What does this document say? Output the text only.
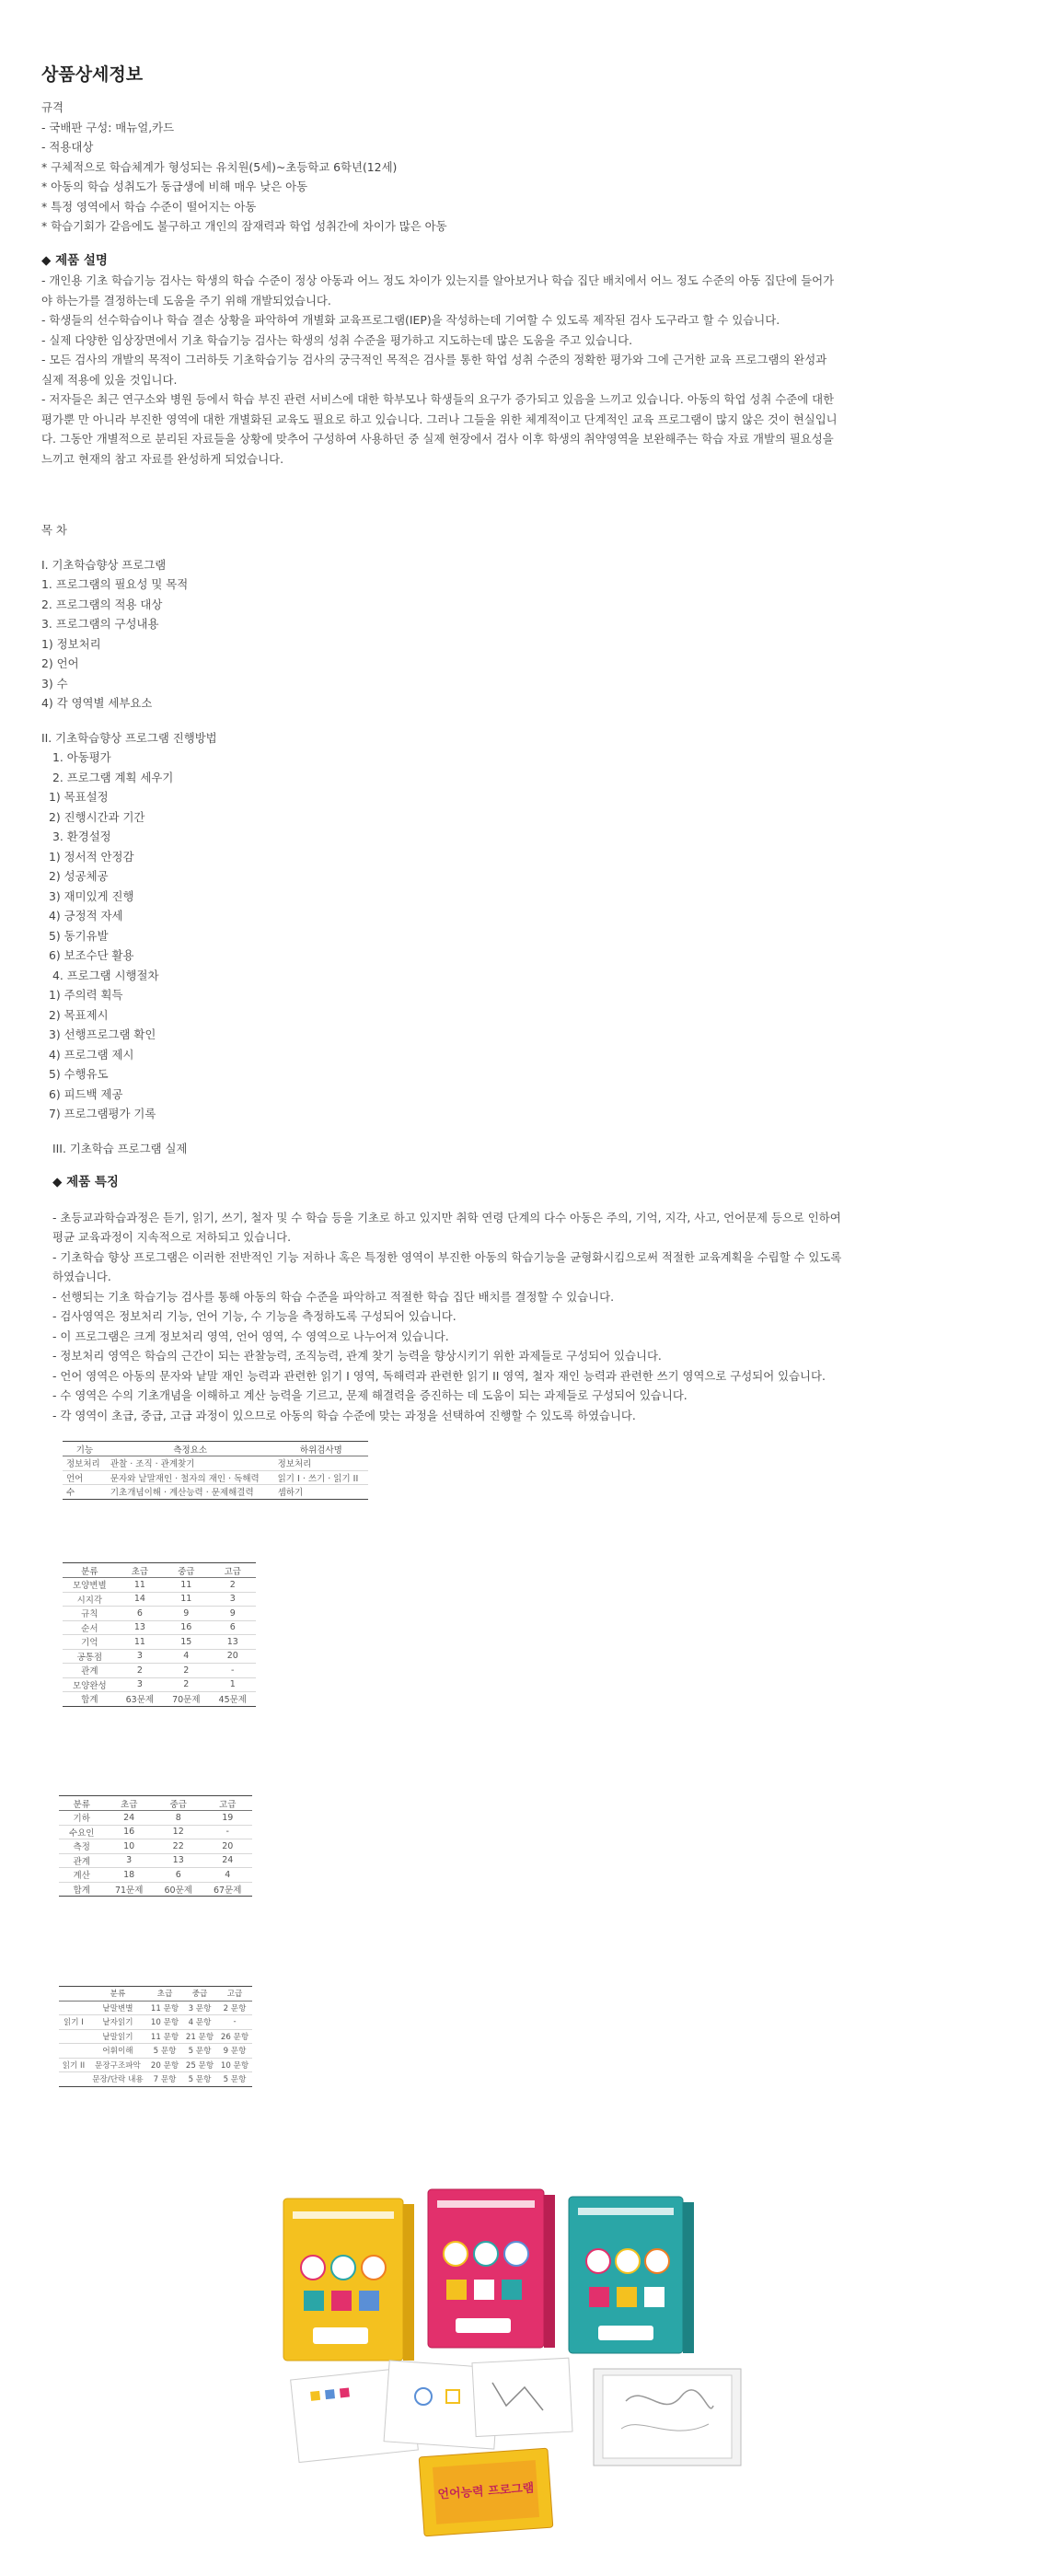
상품상세정보
규격
- 국배판 구성: 매뉴얼,카드
- 적용대상
* 구체적으로 학습체계가 형성되는 유치원(5세)~초등학교 6학년(12세)
* 아동의 학습 성취도가 동급생에 비해 매우 낮은 아동
* 특정 영역에서 학습 수준이 떨어지는 아동
* 학습기회가 같음에도 불구하고 개인의 잠재력과 학업 성취간에 차이가 많은 아동
◆ 제품 설명
- 개인용 기초 학습기능 검사는 학생의 학습 수준이 정상 아동과 어느 정도 차이가 있는지를 알아보거나 학습 집단 배치에서 어느 정도 수준의 아동 집단에 들어가
야 하는가를 결정하는데 도움을 주기 위해 개발되었습니다.
- 학생들의 선수학습이나 학습 결손 상황을 파악하여 개별화 교육프로그램(IEP)을 작성하는데 기여할 수 있도록 제작된 검사 도구라고 할 수 있습니다.
- 실제 다양한 임상장면에서 기초 학습기능 검사는 학생의 성취 수준을 평가하고 지도하는데 많은 도움을 주고 있습니다.
- 모든 검사의 개발의 목적이 그러하듯 기초학습기능 검사의 궁극적인 목적은 검사를 통한 학업 성취 수준의 정확한 평가와 그에 근거한 교육 프로그램의 완성과
실제 적용에 있을 것입니다.
- 저자들은 최근 연구소와 병원 등에서 학습 부진 관련 서비스에 대한 학부모나 학생들의 요구가 증가되고 있음을 느끼고 있습니다. 아동의 학업 성취 수준에 대한
평가뿐 만 아니라 부진한 영역에 대한 개별화된 교육도 필요로 하고 있습니다. 그러나 그들을 위한 체계적이고 단계적인 교육 프로그램이 많지 않은 것이 현실입니
다. 그동안 개별적으로 분리된 자료들을 상황에 맞추어 구성하여 사용하던 중 실제 현장에서 검사 이후 학생의 취약영역을 보완해주는 학습 자료 개발의 필요성을
느끼고 현재의 참고 자료를 완성하게 되었습니다.
목 차
I. 기초학습향상 프로그램
1. 프로그램의 필요성 및 목적
2. 프로그램의 적용 대상
3. 프로그램의 구성내용
1) 정보처리
2) 언어
3) 수
4) 각 영역별 세부요소
II. 기초학습향상 프로그램 진행방법
1. 아동평가
2. 프로그램 계획 세우기
1) 목표설정
2) 진행시간과 기간
3. 환경설정
1) 정서적 안정감
2) 성공체공
3) 재미있게 진행
4) 긍정적 자세
5) 동기유발
6) 보조수단 활용
4. 프로그램 시행절차
1) 주의력 획득
2) 목표제시
3) 선행프로그램 확인
4) 프로그램 제시
5) 수행유도
6) 피드백 제공
7) 프로그램평가 기록
III. 기초학습 프로그램 실제
◆ 제품 특징
- 초등교과학습과정은 듣기, 읽기, 쓰기, 철자 및 수 학습 등을 기초로 하고 있지만 취학 연령 단계의 다수 아동은 주의, 기억, 지각, 사고, 언어문제 등으로 인하여
평균 교육과정이 지속적으로 저하되고 있습니다.
- 기초학습 향상 프로그램은 이러한 전반적인 기능 저하나 혹은 특정한 영역이 부진한 아동의 학습기능을 균형화시킴으로써 적절한 교육계획을 수립할 수 있도록
하였습니다.
- 선행되는 기초 학습기능 검사를 통해 아동의 학습 수준을 파악하고 적절한 학습 집단 배치를 결정할 수 있습니다.
- 검사영역은 정보처리 기능, 언어 기능, 수 기능을 측정하도록 구성되어 있습니다.
- 이 프로그램은 크게 정보처리 영역, 언어 영역, 수 영역으로 나누어져 있습니다.
- 정보처리 영역은 학습의 근간이 되는 관찰능력, 조직능력, 관계 찾기 능력을 향상시키기 위한 과제들로 구성되어 있습니다.
- 언어 영역은 아동의 문자와 낱말 재인 능력과 관련한 읽기 I 영역, 독해력과 관련한 읽기 II 영역, 철자 재인 능력과 관련한 쓰기 영역으로 구성되어 있습니다.
- 수 영역은 수의 기초개념을 이해하고 계산 능력을 기르고, 문제 해결력을 증진하는 데 도움이 되는 과제들로 구성되어 있습니다.
- 각 영역이 초급, 중급, 고급 과정이 있으므로 아동의 학습 수준에 맞는 과정을 선택하여 진행할 수 있도록 하였습니다.
기능	측정요소	하위검사명
정보처리	관찰 · 조직 · 관계찾기	정보처리
언어	문자와 낱말재인 · 철자의 재인 · 독해력	읽기 I · 쓰기 · 읽기 II
수	기초개념이해 · 계산능력 · 문제해결력	셈하기
분류	초급	중급	고급
모양변별	11	11	2
시지각	14	11	3
규칙	6	9	9
순서	13	16	6
기억	11	15	13
공통점	3	4	20
관계	2	2	-
모양완성	3	2	1
합계	63문제	70문제	45문제
분류	초급	중급	고급
기하	24	8	19
수요인	16	12	-
측정	10	22	20
관계	3	13	24
계산	18	6	4
합계	71문제	60문제	67문제
	분류	초급	중급	고급
	낱말변별	11 문항	3 문항	2 문항
읽기 I	낱자읽기	10 문항	4 문항	-
	낱말읽기	11 문항	21 문항	26 문항
	어휘이해	5 문항	5 문항	9 문항
읽기 II	문장구조파악	20 문항	25 문항	10 문항
	문장/단락 내용	7 문항	5 문항	5 문항
언어능력 프로그램
